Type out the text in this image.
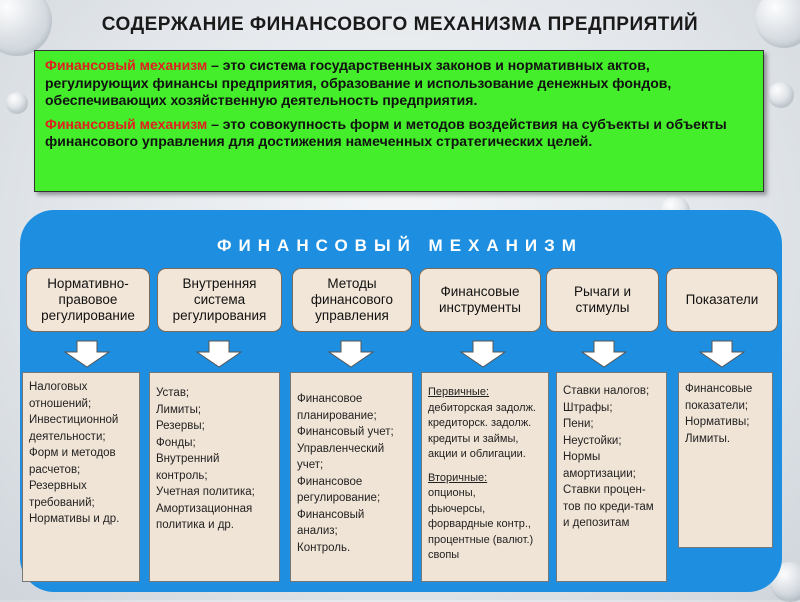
СОДЕРЖАНИЕ ФИНАНСОВОГО МЕХАНИЗМА ПРЕДПРИЯТИЙ

Финансовый механизм – это система государственных законов и нормативных актов, регулирующих финансы предприятия, образование и использование денежных фондов, обеспечивающих хозяйственную деятельность предприятия.

Финансовый механизм – это совокупность форм и методов воздействия на субъекты и объекты финансового управления для достижения намеченных стратегических целей.

ФИНАНСОВЫЙ МЕХАНИЗМ
Нормативно-правовое регулирование
Внутренняя система регулирования
Методы финансового управления
Финансовые инструменты
Рычаги и стимулы
Показатели
Налоговых отношений;
Инвестиционной деятельности;
Форм и методов расчетов;
Резервных требований;
Нормативы и др.
Устав;
Лимиты;
Резервы;
Фонды;
Внутренний контроль;
Учетная политика;
Амортизационная политика и др.
Финансовое планирование;
Финансовый учет;
Управленческий учет;
Финансовое регулирование;
Финансовый анализ;
Контроль.
Первичные:
дебиторская задолж.
кредиторск. задолж.
кредиты и займы,
акции и облигации.
Вторичные:
опционы,
фьючерсы,
форвардные контр.,
процентные (валют.)
свопы
Ставки налогов;
Штрафы;
Пени;
Неустойки;
Нормы амортизации;
Ставки процен-тов по креди-там и депозитам
Финансовые показатели;
Нормативы;
Лимиты.
